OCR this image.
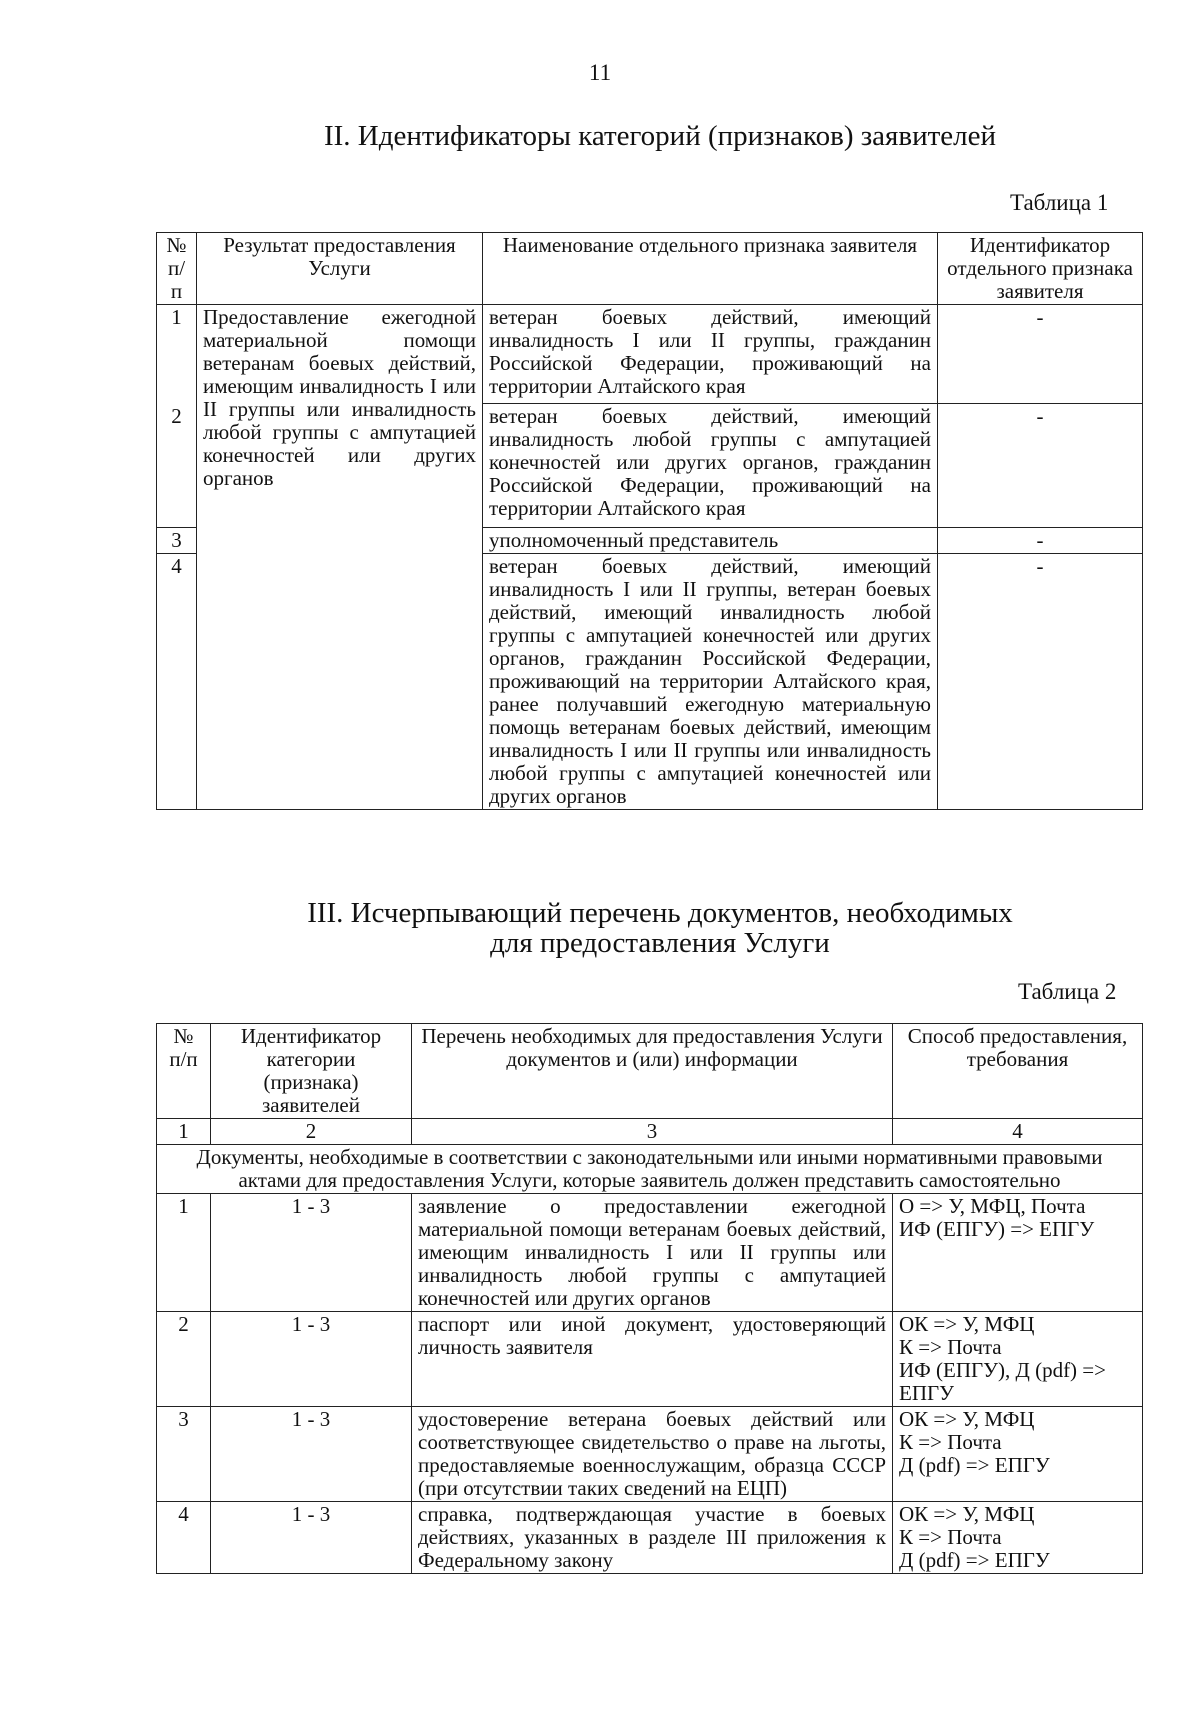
11
II. Идентификаторы категорий (признаков) заявителей
Таблица 1
№ п/п	Результат предоставления Услуги	Наименование отдельного признака заявителя	Идентификатор отдельного признака заявителя
1	Предоставление ежегодной материальной помощи ветеранам боевых действий, имеющим инвалидность I или II группы или инвалидность любой группы с ампутацией конечностей или других органов	ветеран боевых действий, имеющий инвалидность I или II группы, гражданин Российской Федерации, проживающий на территории Алтайского края	-
2		ветеран боевых действий, имеющий инвалидность любой группы с ампутацией конечностей или других органов, гражданин Российской Федерации, проживающий на территории Алтайского края	-
3		уполномоченный представитель	-
4		ветеран боевых действий, имеющий инвалидность I или II группы, ветеран боевых действий, имеющий инвалидность любой группы с ампутацией конечностей или других органов, гражданин Российской Федерации, проживающий на территории Алтайского края, ранее получавший ежегодную материальную помощь ветеранам боевых действий, имеющим инвалидность I или II группы или инвалидность любой группы с ампутацией конечностей или других органов	-
III. Исчерпывающий перечень документов, необходимых
для предоставления Услуги
Таблица 2
№ п/п	Идентификатор категории (признака) заявителей	Перечень необходимых для предоставления Услуги документов и (или) информации	Способ предоставления, требования
1	2	3	4
Документы, необходимые в соответствии с законодательными или иными нормативными правовыми актами для предоставления Услуги, которые заявитель должен представить самостоятельно			
1	1 - 3	заявление о предоставлении ежегодной материальной помощи ветеранам боевых действий, имеющим инвалидность I или II группы или инвалидность любой группы с ампутацией конечностей или других органов	О => У, МФЦ, Почта
ИФ (ЕПГУ) => ЕПГУ

2	1 - 3	паспорт или иной документ, удостоверяющий личность заявителя	ОК => У, МФЦ
К => Почта
ИФ (ЕПГУ), Д (pdf) => ЕПГУ

3	1 - 3	удостоверение ветерана боевых действий или соответствующее свидетельство о праве на льготы, предоставляемые военнослужащим, образца СССР (при отсутствии таких сведений на ЕЦП)	ОК => У, МФЦ
К => Почта
Д (pdf) => ЕПГУ

4	1 - 3	справка, подтверждающая участие в боевых действиях, указанных в разделе III приложения к Федеральному закону	ОК => У, МФЦ
К => Почта
Д (pdf) => ЕПГУ
